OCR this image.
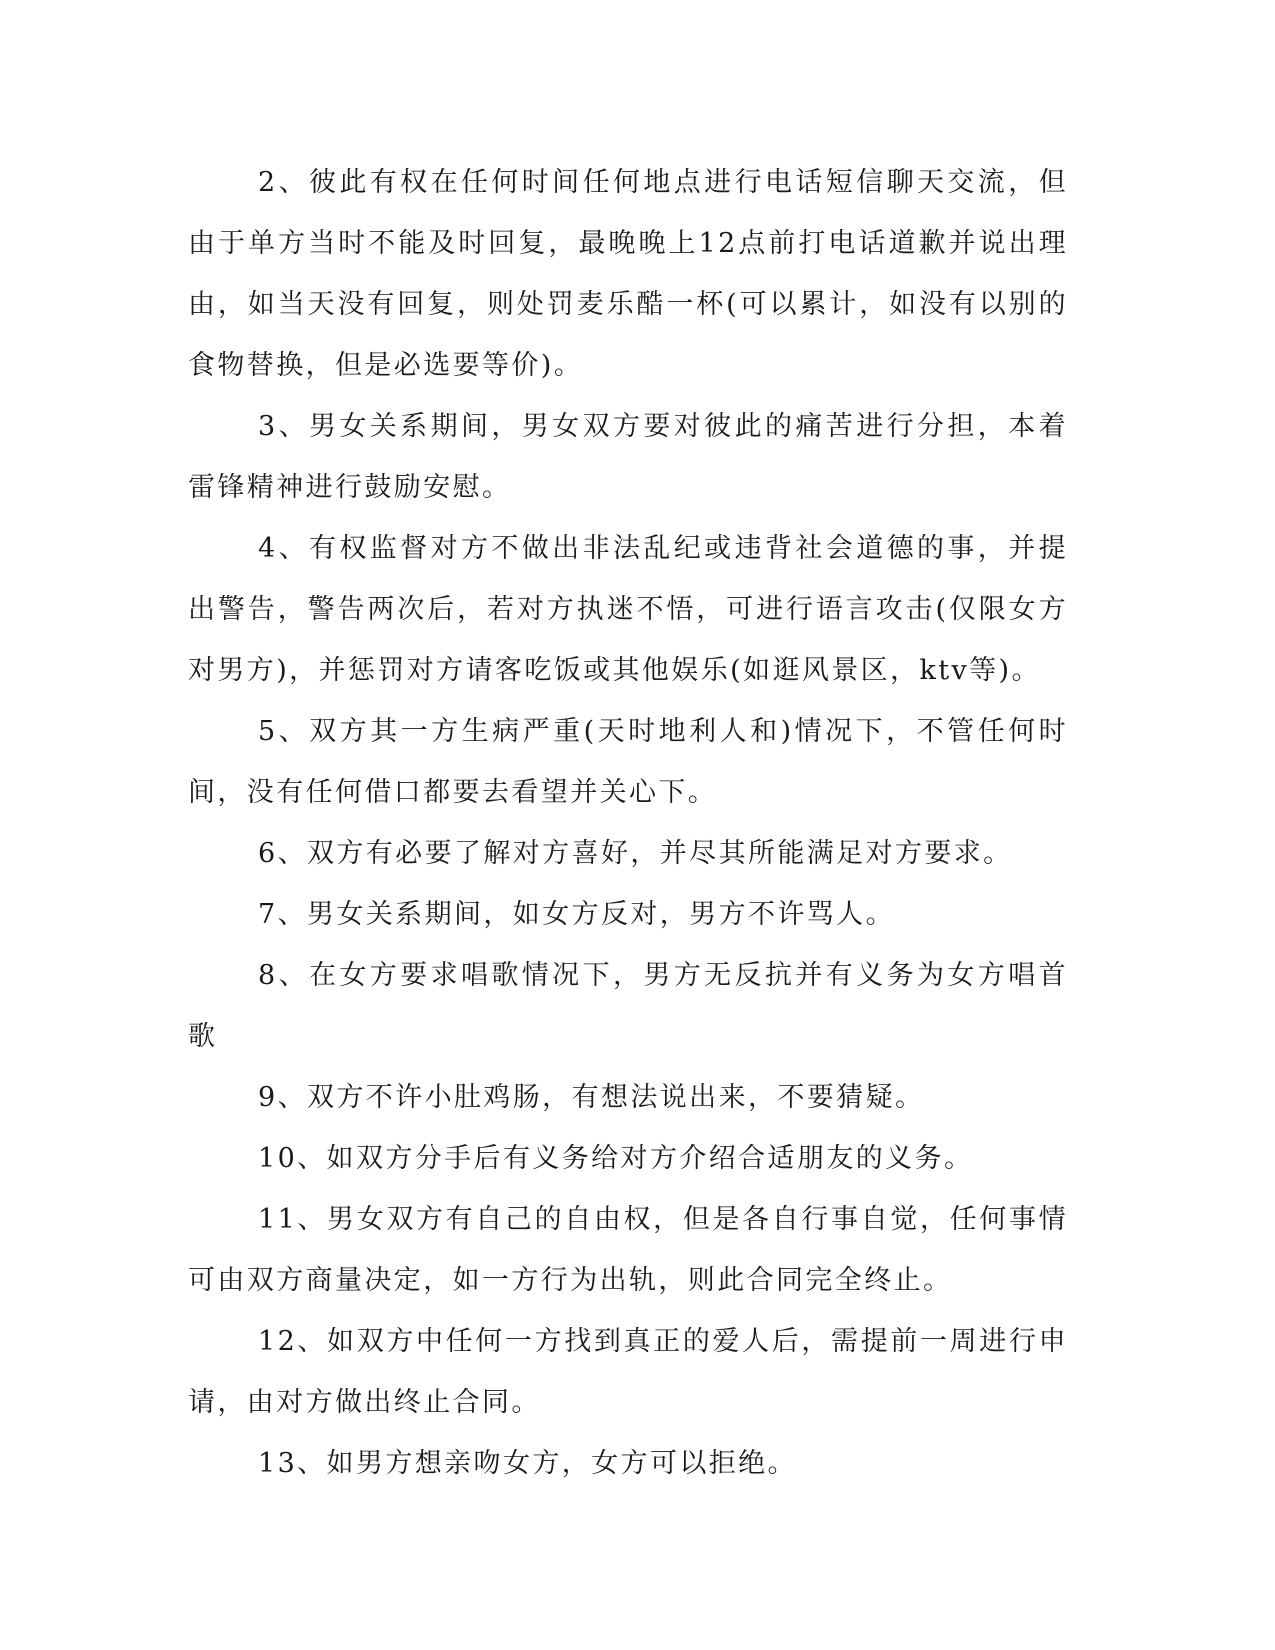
2、彼此有权在任何时间任何地点进行电话短信聊天交流，但由于单方当时不能及时回复，最晚晚上12点前打电话道歉并说出理由，如当天没有回复，则处罚麦乐酷一杯(可以累计，如没有以别的食物替换，但是必选要等价)。

3、男女关系期间，男女双方要对彼此的痛苦进行分担，本着雷锋精神进行鼓励安慰。

4、有权监督对方不做出非法乱纪或违背社会道德的事，并提出警告，警告两次后，若对方执迷不悟，可进行语言攻击(仅限女方对男方)，并惩罚对方请客吃饭或其他娱乐(如逛风景区，ktv等)。

5、双方其一方生病严重(天时地利人和)情况下，不管任何时间，没有任何借口都要去看望并关心下。

6、双方有必要了解对方喜好，并尽其所能满足对方要求。

7、男女关系期间，如女方反对，男方不许骂人。

8、在女方要求唱歌情况下，男方无反抗并有义务为女方唱首歌

9、双方不许小肚鸡肠，有想法说出来，不要猜疑。

10、如双方分手后有义务给对方介绍合适朋友的义务。

11、男女双方有自己的自由权，但是各自行事自觉，任何事情可由双方商量决定，如一方行为出轨，则此合同完全终止。

12、如双方中任何一方找到真正的爱人后，需提前一周进行申请，由对方做出终止合同。

13、如男方想亲吻女方，女方可以拒绝。
